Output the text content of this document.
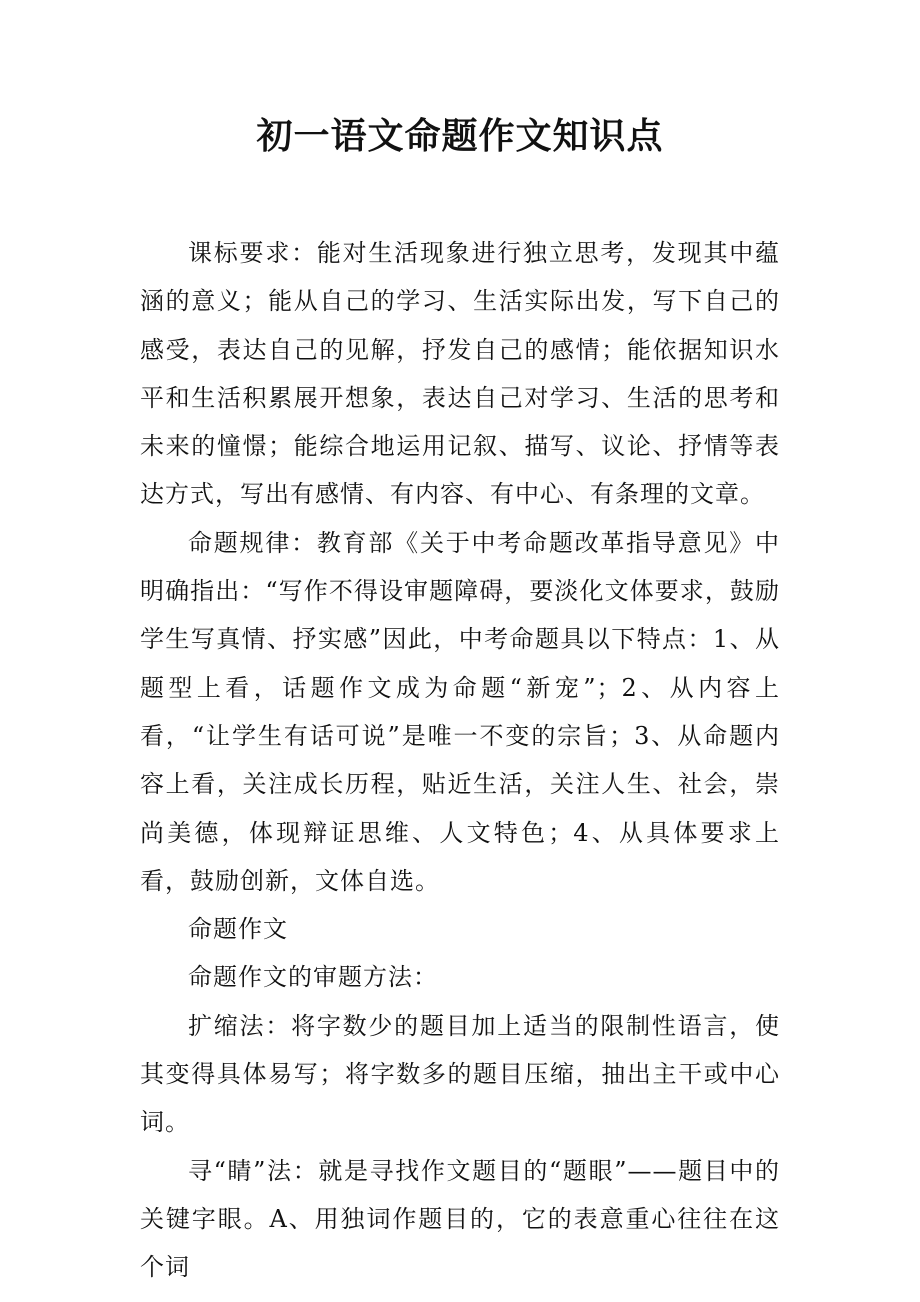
初一语文命题作文知识点

课标要求：能对生活现象进行独立思考，发现其中蕴涵的意义；能从自己的学习、生活实际出发，写下自己的感受，表达自己的见解，抒发自己的感情；能依据知识水平和生活积累展开想象，表达自己对学习、生活的思考和未来的憧憬；能综合地运用记叙、描写、议论、抒情等表达方式，写出有感情、有内容、有中心、有条理的文章。

命题规律：教育部《关于中考命题改革指导意见》中明确指出：“写作不得设审题障碍，要淡化文体要求，鼓励学生写真情、抒实感”因此，中考命题具以下特点：1、从题型上看，话题作文成为命题“新宠”；2、从内容上看，“让学生有话可说”是唯一不变的宗旨；3、从命题内容上看，关注成长历程，贴近生活，关注人生、社会，崇尚美德，体现辩证思维、人文特色；4、从具体要求上看，鼓励创新，文体自选。

命题作文

命题作文的审题方法：

扩缩法：将字数少的题目加上适当的限制性语言，使其变得具体易写；将字数多的题目压缩，抽出主干或中心词。

寻“睛”法：就是寻找作文题目的“题眼”——题目中的关键字眼。A、用独词作题目的，它的表意重心往往在这个词
